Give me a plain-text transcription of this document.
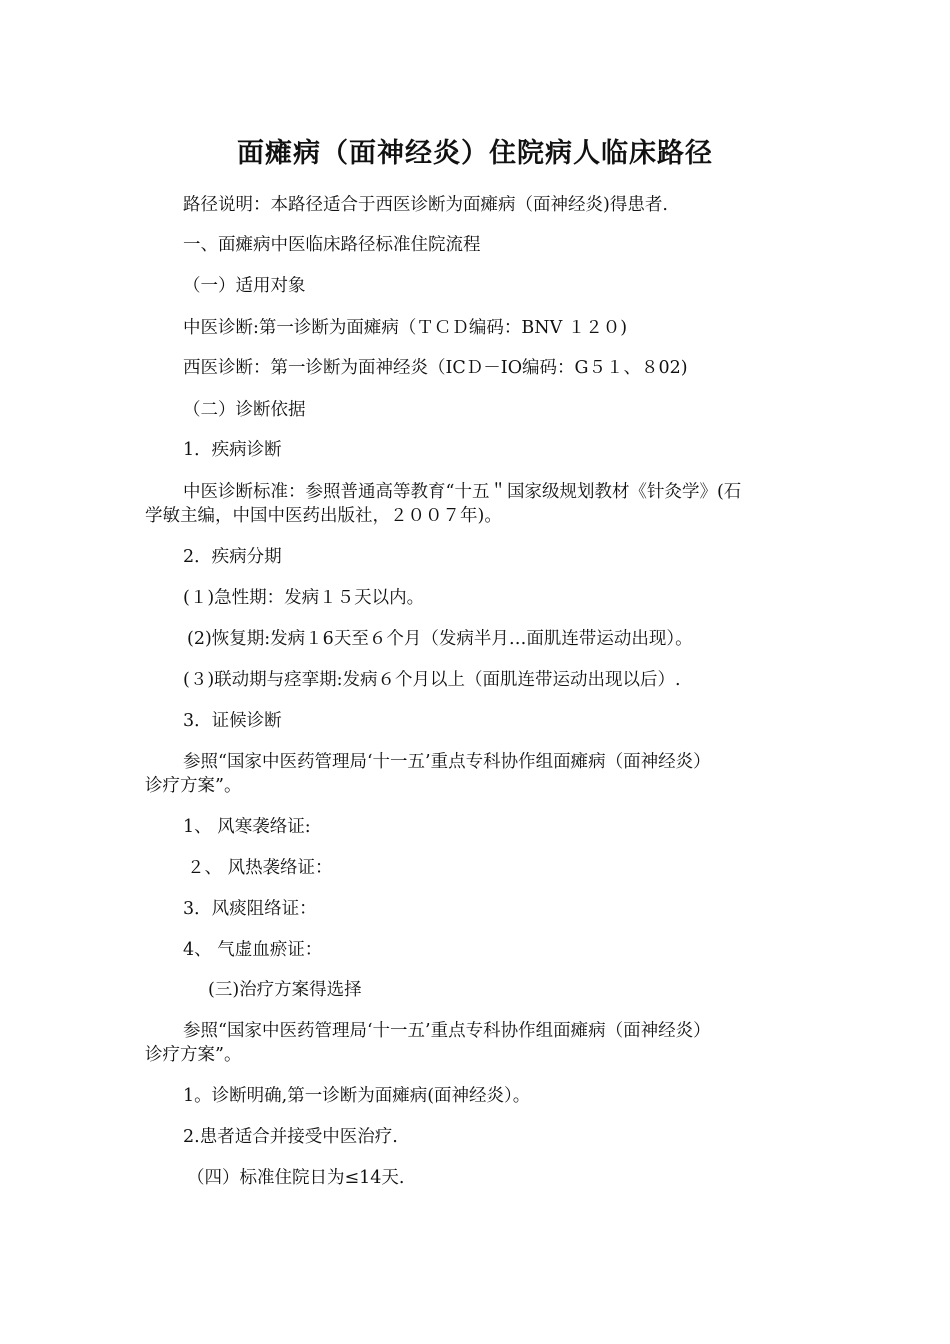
面瘫病（面神经炎）住院病人临床路径
路径说明：本路径适合于西医诊断为面瘫病（面神经炎)得患者.
一、面瘫病中医临床路径标准住院流程
（一）适用对象
中医诊断:第一诊断为面瘫病（ＴＣＤ编码：BNV １２０)
西医诊断：第一诊断为面神经炎（ICＤ－IO编码：G５１、８02)
（二）诊断依据
1．疾病诊断
中医诊断标准：参照普通高等教育“十五＂国家级规划教材《针灸学》(石
学敏主编，中国中医药出版社，２００７年)。
2．疾病分期
(１)急性期：发病１５天以内。
(2)恢复期:发病１6天至６个月（发病半月…面肌连带运动出现）。
(３)联动期与痉挛期:发病６个月以上（面肌连带运动出现以后）.
3．证候诊断
参照“国家中医药管理局‘十一五’重点专科协作组面瘫病（面神经炎）
诊疗方案”。
1、 风寒袭络证:
２、 风热袭络证：
3．风痰阻络证：
4、 气虚血瘀证：
(三)治疗方案得选择
参照“国家中医药管理局‘十一五’重点专科协作组面瘫病（面神经炎）
诊疗方案”。
1。诊断明确,第一诊断为面瘫病(面神经炎）。
2.患者适合并接受中医治疗.
（四）标准住院日为≤14天.
